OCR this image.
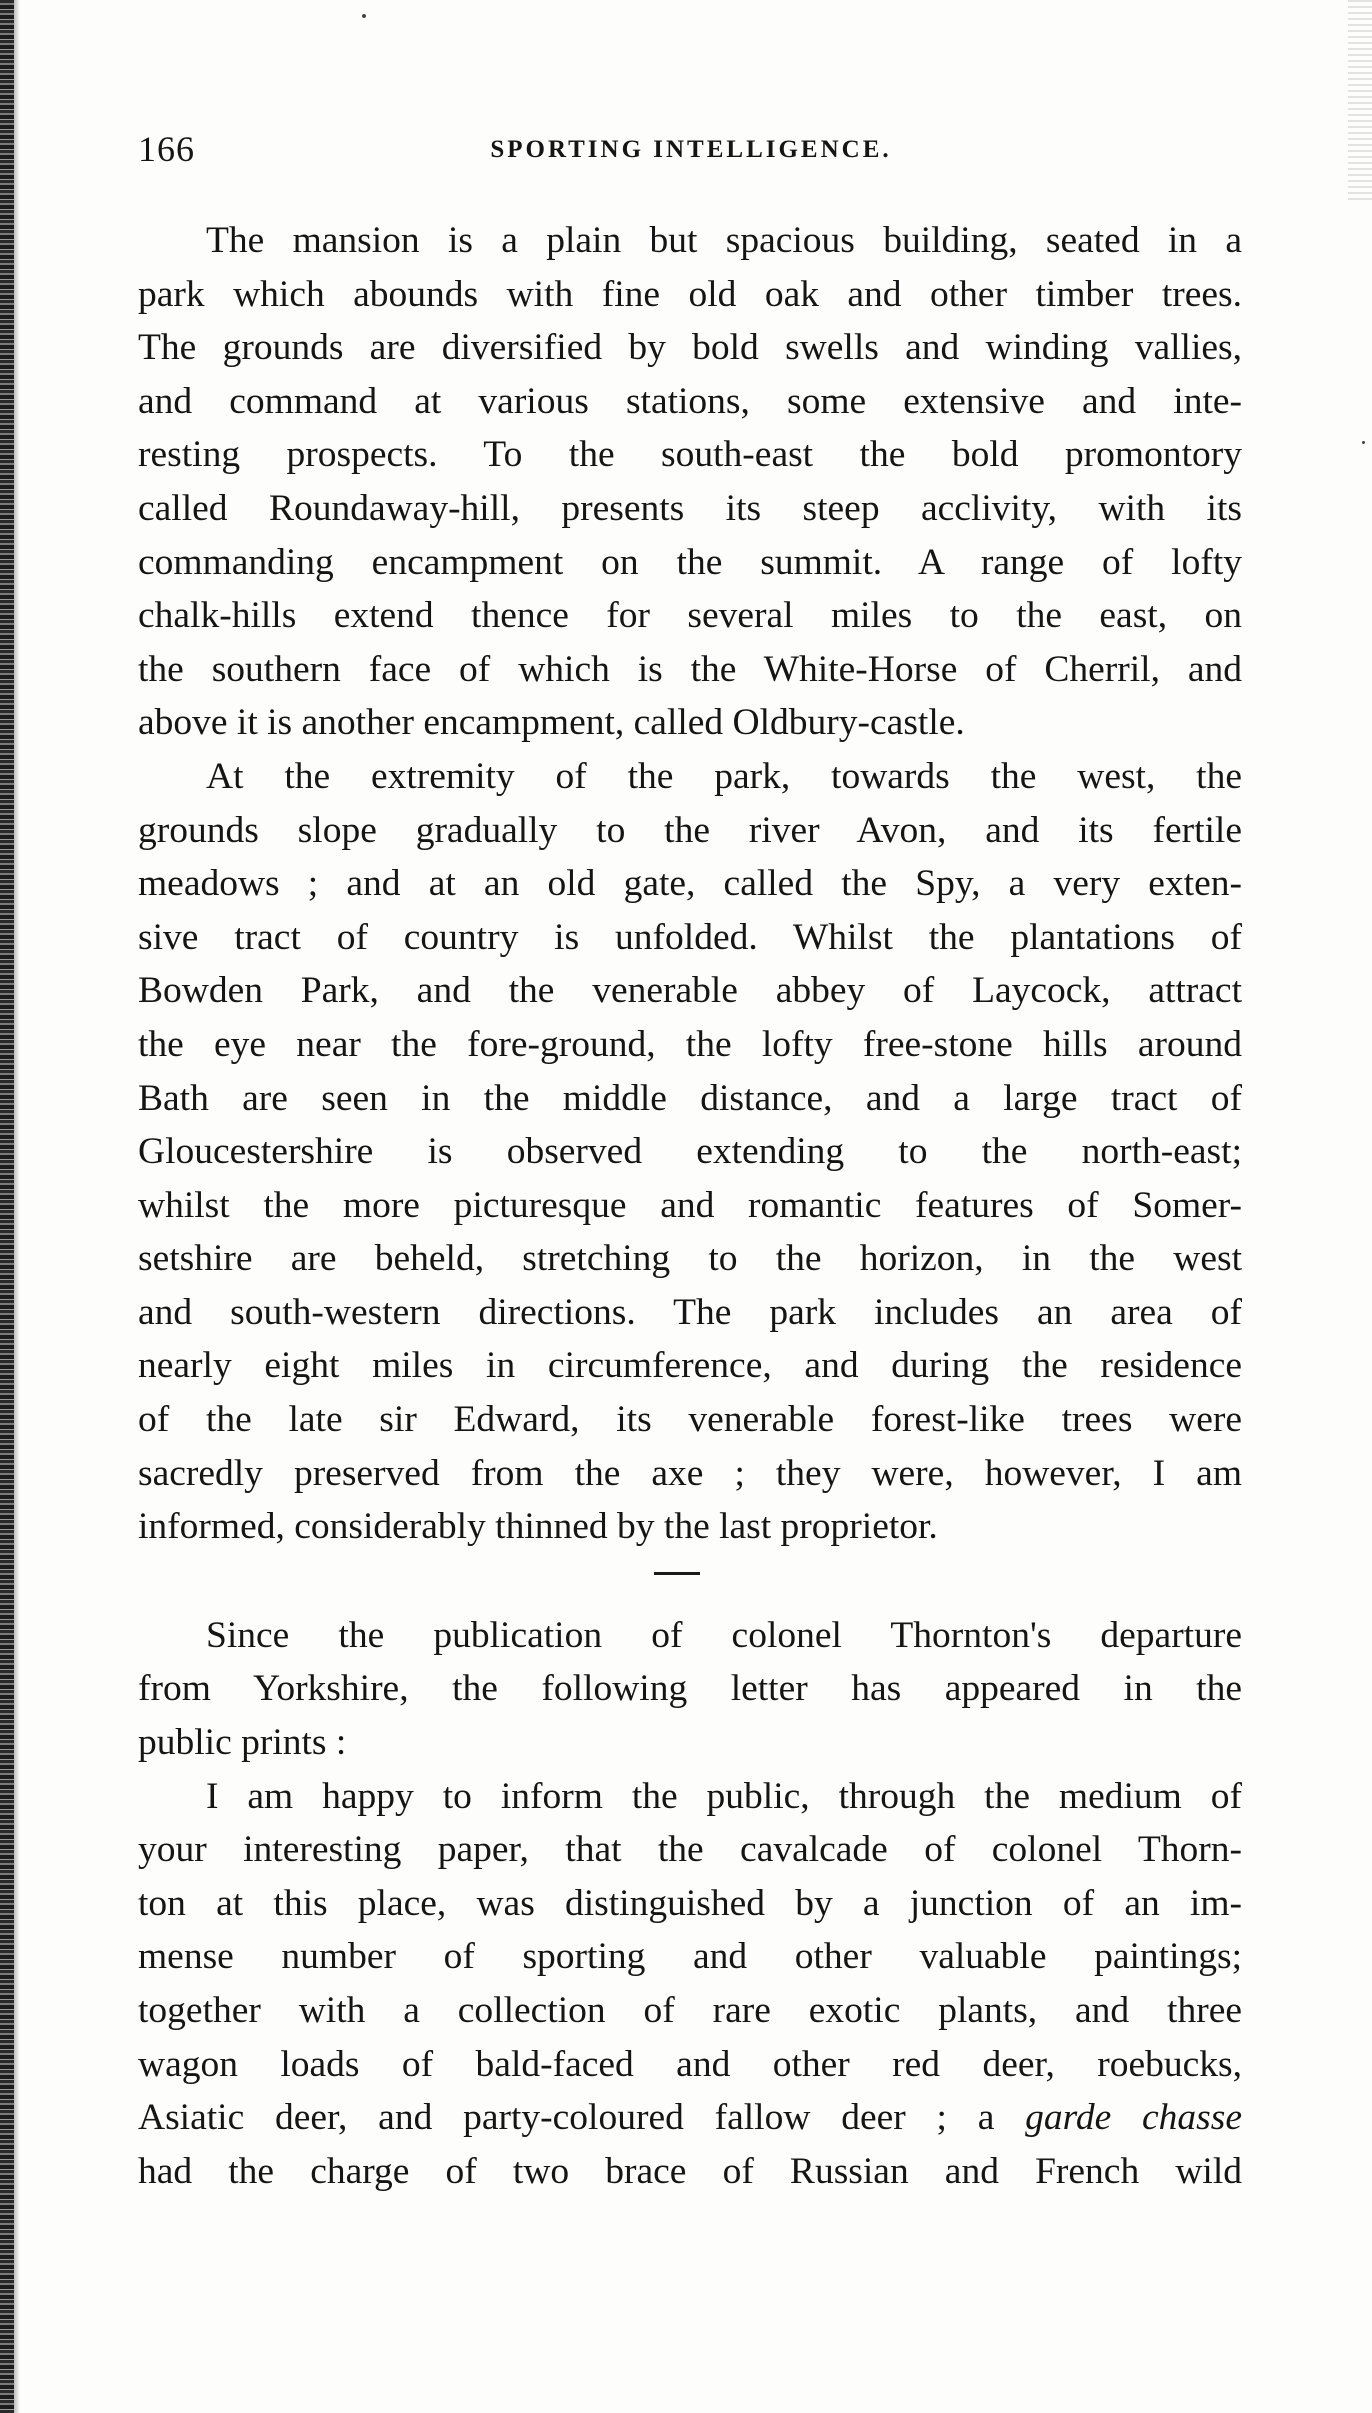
166	SPORTING INTELLIGENCE.
The mansion is a plain but spacious building, seated in a
park which abounds with fine old oak and other timber trees.
The grounds are diversified by bold swells and winding vallies,
and command at various stations, some extensive and inte-
resting prospects. To the south-east the bold promontory
called Roundaway-hill, presents its steep acclivity, with its
commanding encampment on the summit. A range of lofty
chalk-hills extend thence for several miles to the east, on
the southern face of which is the White-Horse of Cherril, and
above it is another encampment, called Oldbury-castle.
At the extremity of the park, towards the west, the
grounds slope gradually to the river Avon, and its fertile
meadows ; and at an old gate, called the Spy, a very exten-
sive tract of country is unfolded. Whilst the plantations of
Bowden Park, and the venerable abbey of Laycock, attract
the eye near the fore-ground, the lofty free-stone hills around
Bath are seen in the middle distance, and a large tract of
Gloucestershire is observed extending to the north-east;
whilst the more picturesque and romantic features of Somer-
setshire are beheld, stretching to the horizon, in the west
and south-western directions. The park includes an area of
nearly eight miles in circumference, and during the residence
of the late sir Edward, its venerable forest-like trees were
sacredly preserved from the axe ; they were, however, I am
informed, considerably thinned by the last proprietor.
Since the publication of colonel Thornton's departure
from Yorkshire, the following letter has appeared in the
public prints :
I am happy to inform the public, through the medium of
your interesting paper, that the cavalcade of colonel Thorn-
ton at this place, was distinguished by a junction of an im-
mense number of sporting and other valuable paintings;
together with a collection of rare exotic plants, and three
wagon loads of bald-faced and other red deer, roebucks,
Asiatic deer, and party-coloured fallow deer ; a garde chasse
had the charge of two brace of Russian and French wild
